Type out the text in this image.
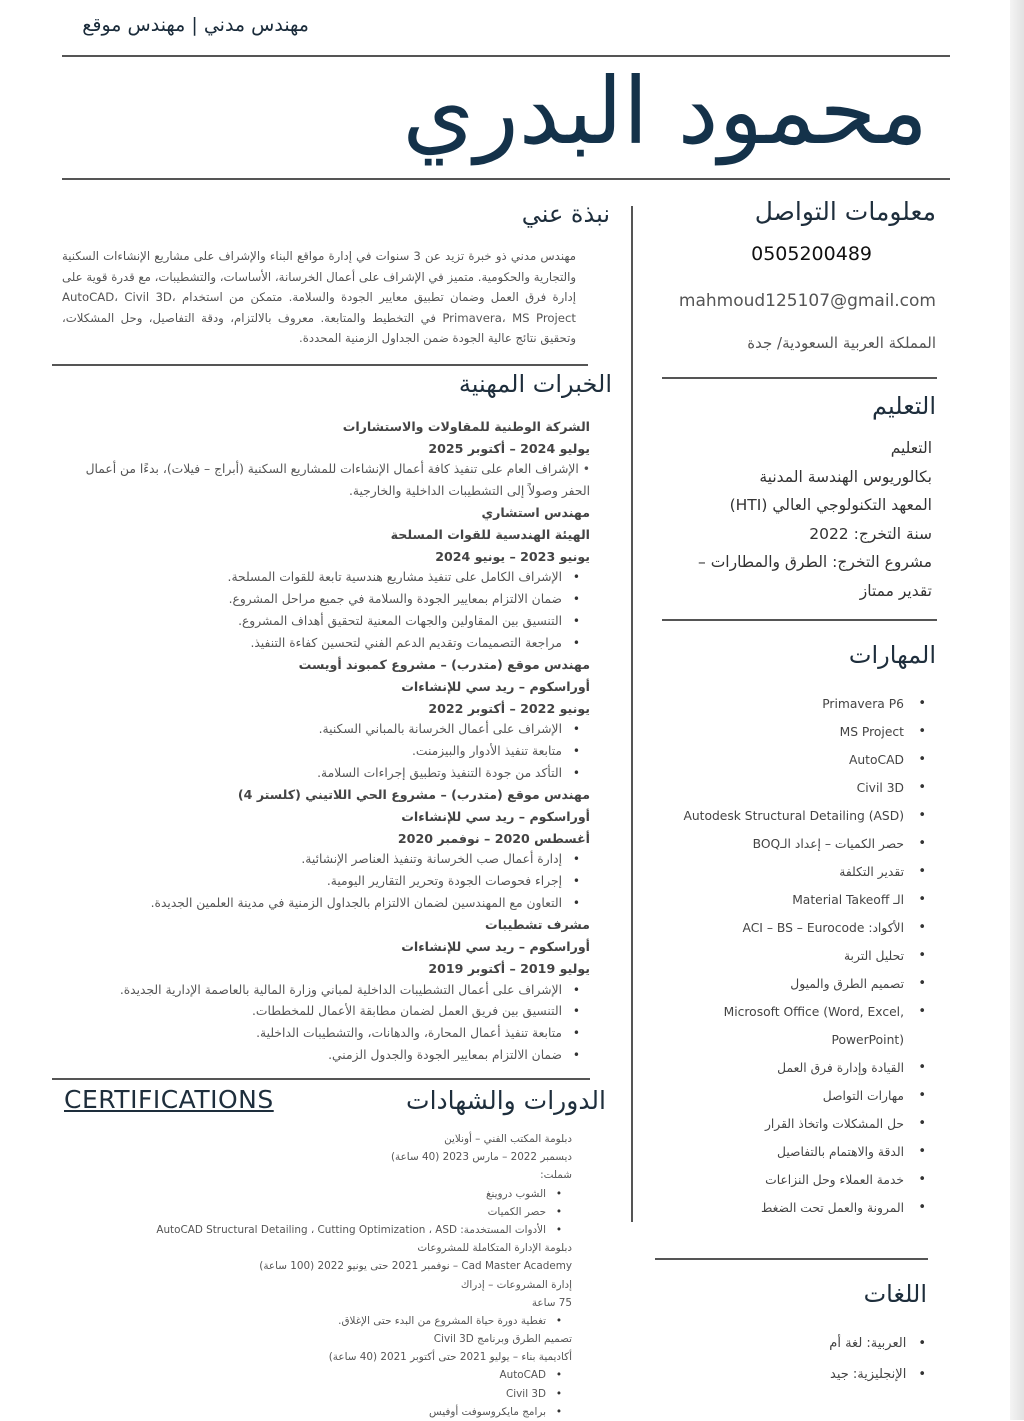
مهندس مدني | مهندس موقع
محمود البدري
معلومات التواصل
0505200489
mahmoud125107@gmail.com
المملكة العربية السعودية/ جدة
التعليم
التعليم
بكالوريوس الهندسة المدنية
المعهد التكنولوجي العالي (HTI)
سنة التخرج: 2022
مشروع التخرج: الطرق والمطارات –
تقدير ممتاز
المهارات
•
Primavera P6
•
MS Project
•
AutoCAD
•
Civil 3D
•
Autodesk Structural Detailing (ASD)
•
حصر الكميات – إعداد الـBOQ
•
تقدير التكلفة
•
الـ Material Takeoff
•
الأكواد: ACI – BS – Eurocode
•
تحليل التربة
•
تصميم الطرق والميول
•
Microsoft Office (Word, Excel, PowerPoint)
•
القيادة وإدارة فرق العمل
•
مهارات التواصل
•
حل المشكلات واتخاذ القرار
•
الدقة والاهتمام بالتفاصيل
•
خدمة العملاء وحل النزاعات
•
المرونة والعمل تحت الضغط
اللغات
•العربية: لغة أم
•الإنجليزية: جيد
نبذة عني
مهندس مدني ذو خبرة تزيد عن 3 سنوات في إدارة مواقع البناء والإشراف على مشاريع الإنشاءات السكنية والتجارية والحكومية. متميز في الإشراف على أعمال الخرسانة، الأساسات، والتشطيبات، مع قدرة قوية على إدارة فرق العمل وضمان تطبيق معايير الجودة والسلامة. متمكن من استخدام AutoCAD، Civil 3D، Primavera، MS Project في التخطيط والمتابعة. معروف بالالتزام، ودقة التفاصيل، وحل المشكلات، وتحقيق نتائج عالية الجودة ضمن الجداول الزمنية المحددة.
الخبرات المهنية
الشركة الوطنية للمقاولات والاستشارات
يوليو 2024 – أكتوبر 2025
• الإشراف العام على تنفيذ كافة أعمال الإنشاءات للمشاريع السكنية (أبراج – فيلات)، بدءًا من أعمال الحفر وصولاً إلى التشطيبات الداخلية والخارجية.
مهندس استشاري
الهيئة الهندسية للقوات المسلحة
يونيو 2023 – يونيو 2024
• الإشراف الكامل على تنفيذ مشاريع هندسية تابعة للقوات المسلحة.
• ضمان الالتزام بمعايير الجودة والسلامة في جميع مراحل المشروع.
• التنسيق بين المقاولين والجهات المعنية لتحقيق أهداف المشروع.
• مراجعة التصميمات وتقديم الدعم الفني لتحسين كفاءة التنفيذ.
مهندس موقع (متدرب) – مشروع كمبوند أويست
أوراسكوم – ريد سي للإنشاءات
يونيو 2022 – أكتوبر 2022
• الإشراف على أعمال الخرسانة بالمباني السكنية.
• متابعة تنفيذ الأدوار والبيزمنت.
• التأكد من جودة التنفيذ وتطبيق إجراءات السلامة.
مهندس موقع (متدرب) – مشروع الحي اللاتيني (كلستر 4)
أوراسكوم – ريد سي للإنشاءات
أغسطس 2020 – نوفمبر 2020
• إدارة أعمال صب الخرسانة وتنفيذ العناصر الإنشائية.
• إجراء فحوصات الجودة وتحرير التقارير اليومية.
• التعاون مع المهندسين لضمان الالتزام بالجداول الزمنية في مدينة العلمين الجديدة.
مشرف تشطيبات
أوراسكوم – ريد سي للإنشاءات
يوليو 2019 – أكتوبر 2019
• الإشراف على أعمال التشطيبات الداخلية لمباني وزارة المالية بالعاصمة الإدارية الجديدة.
• التنسيق بين فريق العمل لضمان مطابقة الأعمال للمخططات.
• متابعة تنفيذ أعمال المحارة، والدهانات، والتشطيبات الداخلية.
• ضمان الالتزام بمعايير الجودة والجدول الزمني.
الدورات والشهادات
CERTIFICATIONS
دبلومة المكتب الفني – أونلاين
ديسمبر 2022 – مارس 2023 (40 ساعة)
شملت:
• الشوب دروينغ
• حصر الكميات
• الأدوات المستخدمة: AutoCAD Structural Detailing ، Cutting Optimization ، ASD
دبلومة الإدارة المتكاملة للمشروعات
Cad Master Academy – نوفمبر 2021 حتى يونيو 2022 (100 ساعة)
إدارة المشروعات – إدراك
75 ساعة
• تغطية دورة حياة المشروع من البدء حتى الإغلاق.
تصميم الطرق وبرنامج Civil 3D
أكاديمية بناء – يوليو 2021 حتى أكتوبر 2021 (40 ساعة)
• AutoCAD
• Civil 3D
• برامج مايكروسوفت أوفيس
